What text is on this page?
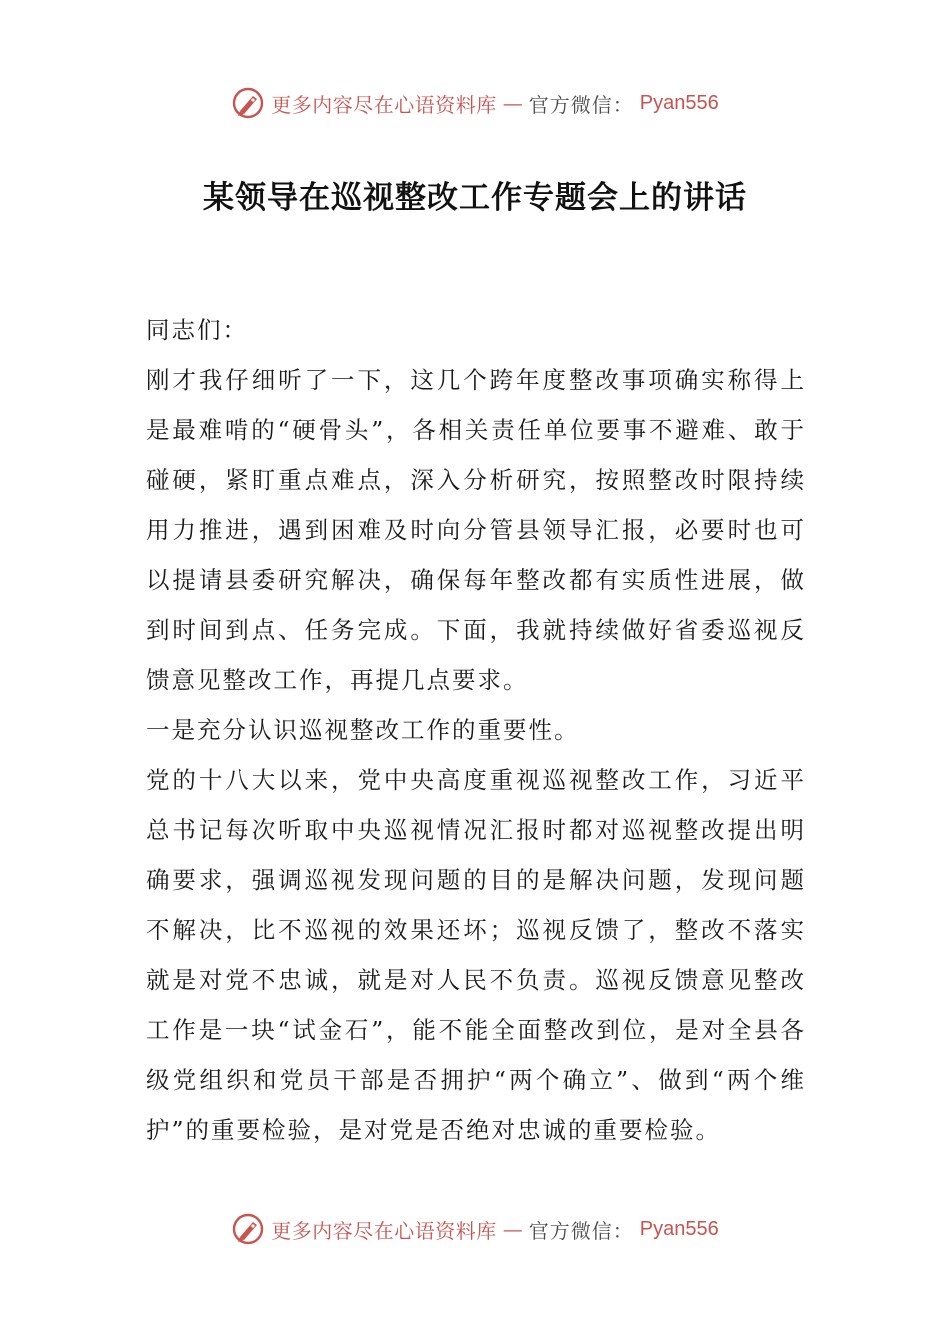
更多内容尽在心语资料库 — 官方微信： Pyan556
某领导在巡视整改工作专题会上的讲话

同志们：

刚才我仔细听了一下，这几个跨年度整改事项确实称得上是最难啃的“硬骨头”，各相关责任单位要事不避难、敢于碰硬，紧盯重点难点，深入分析研究，按照整改时限持续用力推进，遇到困难及时向分管县领导汇报，必要时也可以提请县委研究解决，确保每年整改都有实质性进展，做到时间到点、任务完成。下面，我就持续做好省委巡视反馈意见整改工作，再提几点要求。

一是充分认识巡视整改工作的重要性。

党的十八大以来，党中央高度重视巡视整改工作，习近平总书记每次听取中央巡视情况汇报时都对巡视整改提出明确要求，强调巡视发现问题的目的是解决问题，发现问题不解决，比不巡视的效果还坏；巡视反馈了，整改不落实就是对党不忠诚，就是对人民不负责。巡视反馈意见整改工作是一块“试金石”，能不能全面整改到位，是对全县各级党组织和党员干部是否拥护“两个确立”、做到“两个维护”的重要检验，是对党是否绝对忠诚的重要检验。

更多内容尽在心语资料库 — 官方微信： Pyan556
